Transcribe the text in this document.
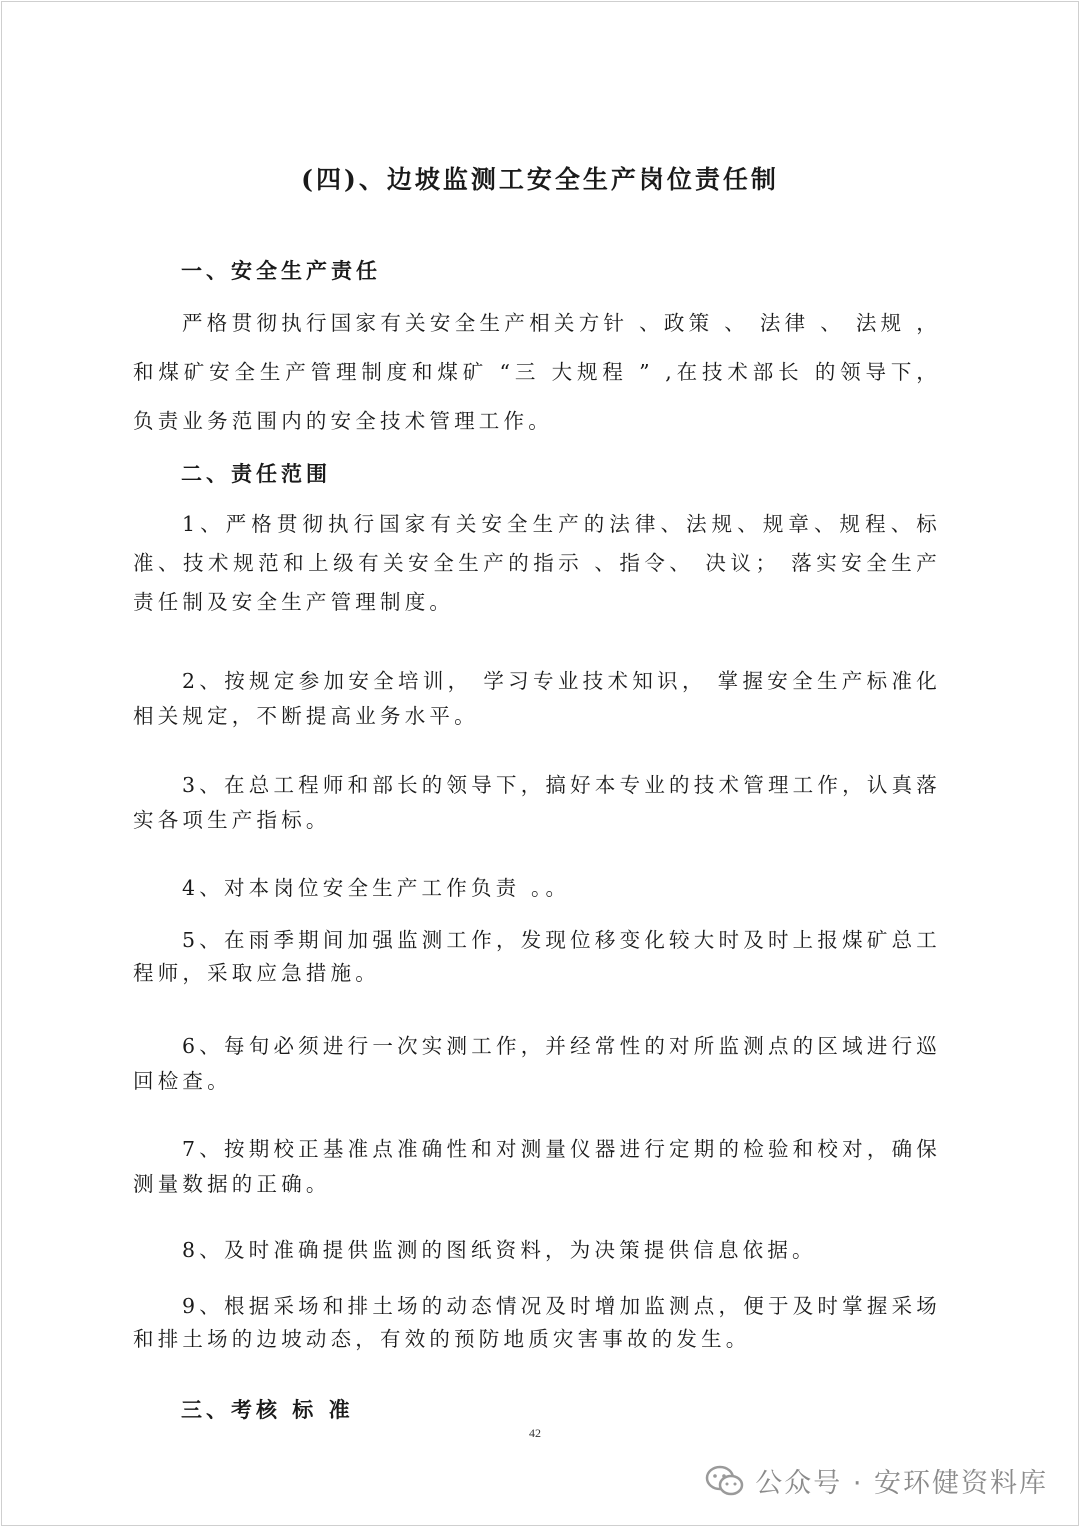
(四)、边坡监测工安全生产岗位责任制
一、安全生产责任
严格贯彻执行国家有关安全生产相关方针 、政策 、 法律 、 法规 ，和煤矿安全生产管理制度和煤矿 “三 大规程 ” ,在技术部长 的领导下， 负责业务范围内的安全技术管理工作。
二、责任范围
1、严格贯彻执行国家有关安全生产的法律、法规、规章、规程、标准、技术规范和上级有关安全生产的指示 、指令、 决议； 落实安全生产责任制及安全生产管理制度。
2、按规定参加安全培训， 学习专业技术知识， 掌握安全生产标准化相关规定，不断提高业务水平。
3、在总工程师和部长的领导下，搞好本专业的技术管理工作，认真落实各项生产指标。
4、对本岗位安全生产工作负责 。。
5、在雨季期间加强监测工作，发现位移变化较大时及时上报煤矿总工程师，采取应急措施。
6、每旬必须进行一次实测工作，并经常性的对所监测点的区域进行巡回检查。
7、按期校正基准点准确性和对测量仪器进行定期的检验和校对，确保测量数据的正确。
8、及时准确提供监测的图纸资料，为决策提供信息依据。
9、根据采场和排土场的动态情况及时增加监测点，便于及时掌握采场和排土场的边坡动态，有效的预防地质灾害事故的发生。
三、考核 标 准
42
公众号 · 安环健资料库
